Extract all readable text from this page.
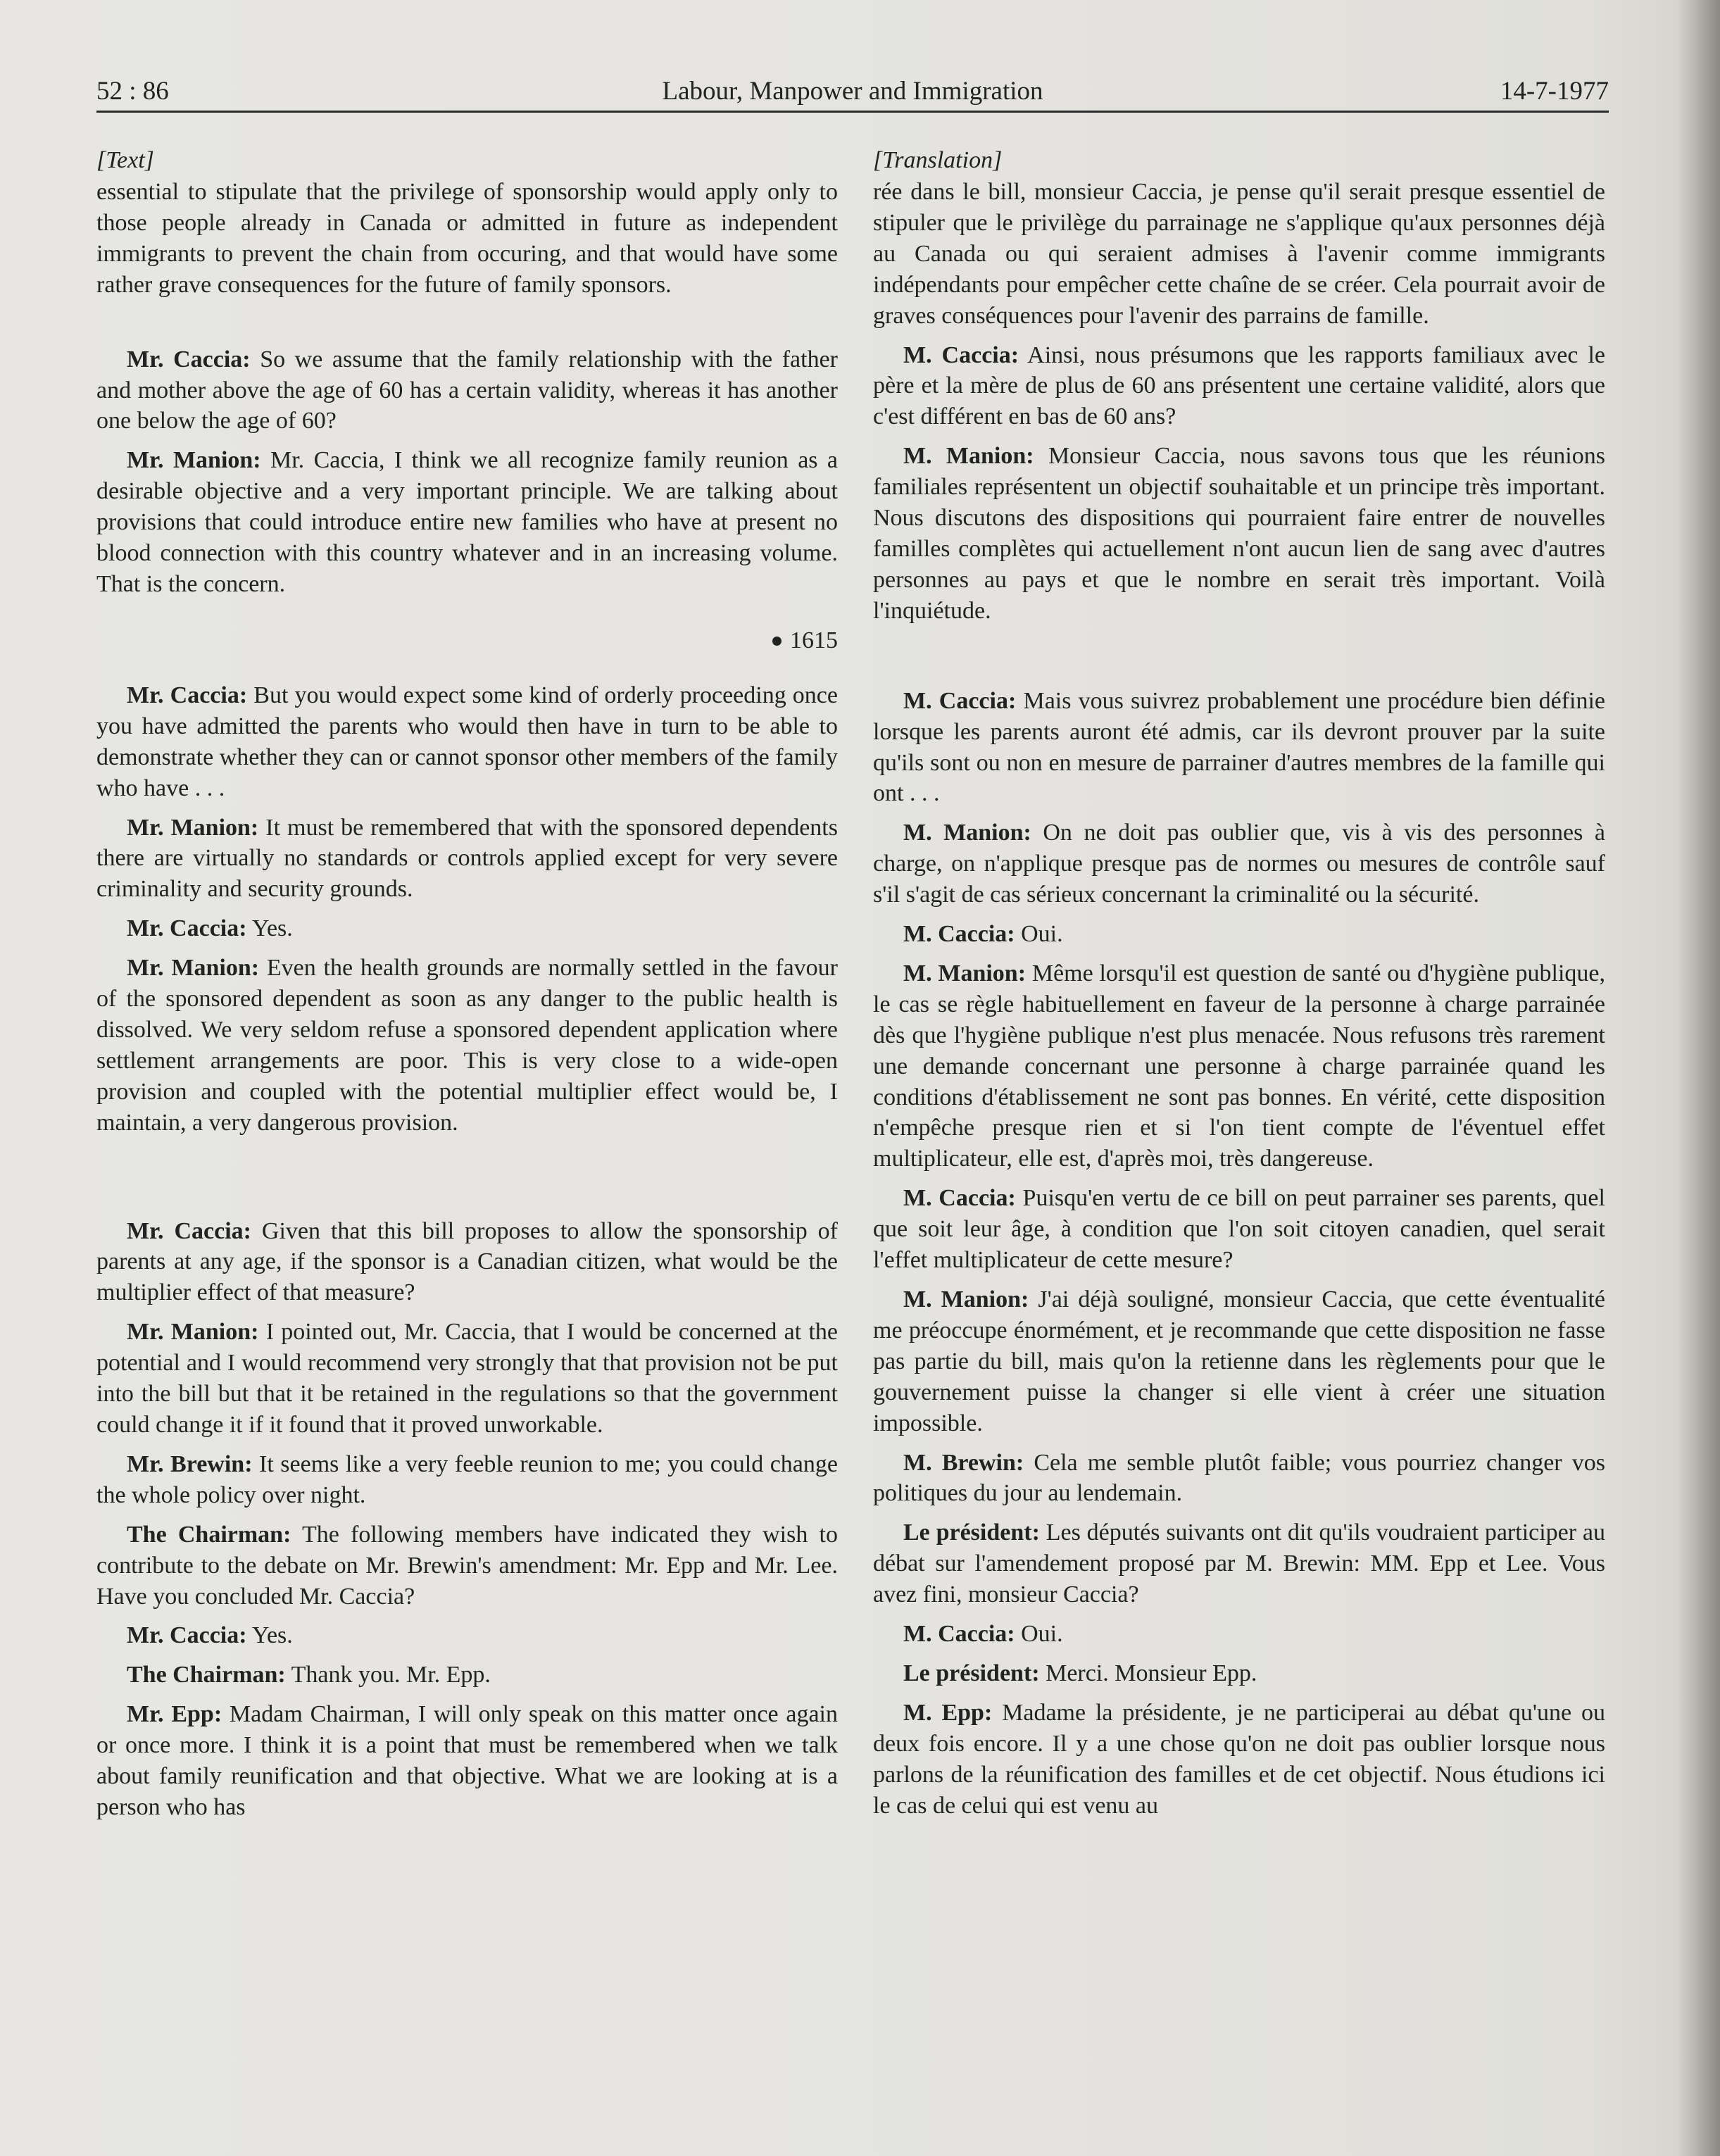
52 : 86	Labour, Manpower and Immigration	14-7-1977

[Text]

essential to stipulate that the privilege of sponsorship would apply only to those people already in Canada or admitted in future as independent immigrants to prevent the chain from occuring, and that would have some rather grave consequences for the future of family sponsors.

Mr. Caccia: So we assume that the family relationship with the father and mother above the age of 60 has a certain validity, whereas it has another one below the age of 60?

Mr. Manion: Mr. Caccia, I think we all recognize family reunion as a desirable objective and a very important principle. We are talking about provisions that could introduce entire new families who have at present no blood connection with this country whatever and in an increasing volume. That is the concern.

1615

Mr. Caccia: But you would expect some kind of orderly proceeding once you have admitted the parents who would then have in turn to be able to demonstrate whether they can or cannot sponsor other members of the family who have . . .

Mr. Manion: It must be remembered that with the sponsored dependents there are virtually no standards or controls applied except for very severe criminality and security grounds.

Mr. Caccia: Yes.

Mr. Manion: Even the health grounds are normally settled in the favour of the sponsored dependent as soon as any danger to the public health is dissolved. We very seldom refuse a sponsored dependent application where settlement arrangements are poor. This is very close to a wide-open provision and coupled with the potential multiplier effect would be, I maintain, a very dangerous provision.

Mr. Caccia: Given that this bill proposes to allow the sponsorship of parents at any age, if the sponsor is a Canadian citizen, what would be the multiplier effect of that measure?

Mr. Manion: I pointed out, Mr. Caccia, that I would be concerned at the potential and I would recommend very strongly that that provision not be put into the bill but that it be retained in the regulations so that the government could change it if it found that it proved unworkable.

Mr. Brewin: It seems like a very feeble reunion to me; you could change the whole policy over night.

The Chairman: The following members have indicated they wish to contribute to the debate on Mr. Brewin's amendment: Mr. Epp and Mr. Lee. Have you concluded Mr. Caccia?

Mr. Caccia: Yes.

The Chairman: Thank you. Mr. Epp.

Mr. Epp: Madam Chairman, I will only speak on this matter once again or once more. I think it is a point that must be remembered when we talk about family reunification and that objective. What we are looking at is a person who has

[Translation]

rée dans le bill, monsieur Caccia, je pense qu'il serait presque essentiel de stipuler que le privilège du parrainage ne s'applique qu'aux personnes déjà au Canada ou qui seraient admises à l'avenir comme immigrants indépendants pour empêcher cette chaîne de se créer. Cela pourrait avoir de graves conséquences pour l'avenir des parrains de famille.

M. Caccia: Ainsi, nous présumons que les rapports familiaux avec le père et la mère de plus de 60 ans présentent une certaine validité, alors que c'est différent en bas de 60 ans?

M. Manion: Monsieur Caccia, nous savons tous que les réunions familiales représentent un objectif souhaitable et un principe très important. Nous discutons des dispositions qui pourraient faire entrer de nouvelles familles complètes qui actuellement n'ont aucun lien de sang avec d'autres personnes au pays et que le nombre en serait très important. Voilà l'inquiétude.

M. Caccia: Mais vous suivrez probablement une procédure bien définie lorsque les parents auront été admis, car ils devront prouver par la suite qu'ils sont ou non en mesure de parrainer d'autres membres de la famille qui ont . . .

M. Manion: On ne doit pas oublier que, vis à vis des personnes à charge, on n'applique presque pas de normes ou mesures de contrôle sauf s'il s'agit de cas sérieux concernant la criminalité ou la sécurité.

M. Caccia: Oui.

M. Manion: Même lorsqu'il est question de santé ou d'hygiène publique, le cas se règle habituellement en faveur de la personne à charge parrainée dès que l'hygiène publique n'est plus menacée. Nous refusons très rarement une demande concernant une personne à charge parrainée quand les conditions d'établissement ne sont pas bonnes. En vérité, cette disposition n'empêche presque rien et si l'on tient compte de l'éventuel effet multiplicateur, elle est, d'après moi, très dangereuse.

M. Caccia: Puisqu'en vertu de ce bill on peut parrainer ses parents, quel que soit leur âge, à condition que l'on soit citoyen canadien, quel serait l'effet multiplicateur de cette mesure?

M. Manion: J'ai déjà souligné, monsieur Caccia, que cette éventualité me préoccupe énormément, et je recommande que cette disposition ne fasse pas partie du bill, mais qu'on la retienne dans les règlements pour que le gouvernement puisse la changer si elle vient à créer une situation impossible.

M. Brewin: Cela me semble plutôt faible; vous pourriez changer vos politiques du jour au lendemain.

Le président: Les députés suivants ont dit qu'ils voudraient participer au débat sur l'amendement proposé par M. Brewin: MM. Epp et Lee. Vous avez fini, monsieur Caccia?

M. Caccia: Oui.

Le président: Merci. Monsieur Epp.

M. Epp: Madame la présidente, je ne participerai au débat qu'une ou deux fois encore. Il y a une chose qu'on ne doit pas oublier lorsque nous parlons de la réunification des familles et de cet objectif. Nous étudions ici le cas de celui qui est venu au
